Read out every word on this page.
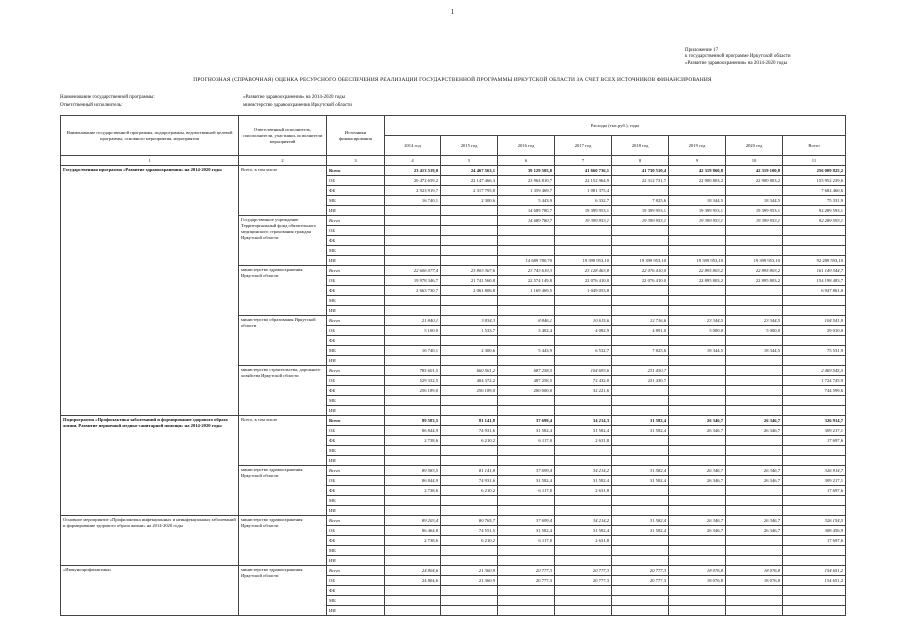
1
Приложение 17
к государственной программе Иркутской области
«Развитие здравоохранения» на 2014-2020 годы
ПРОГНОЗНАЯ (СПРАВОЧНАЯ) ОЦЕНКА РЕСУРСНОГО ОБЕСПЕЧЕНИЯ РЕАЛИЗАЦИИ ГОСУДАРСТВЕННОЙ ПРОГРАММЫ ИРКУТСКОЙ ОБЛАСТИ ЗА СЧЕТ ВСЕХ ИСТОЧНИКОВ ФИНАНСИРОВАНИЯ
Наименование государственной программы:	«Развитие здравоохранения» на 2014-2020 годы
Ответственный исполнитель:	министерство здравоохранения Иркутской области
Наименование государственной программы, подпрограммы, ведомственной целевой программы, основного мероприятия, мероприятия	Ответственный исполнитель, соисполнители, участники, исполнители мероприятий	Источники финансирования	Расходы (тыс.руб.), годы							
			2014 год	2015 год	2016 год	2017 год	2018 год	2019 год	2020 год	Всего
1	2	3	4	5	6	7	8	9	10	11
Государственная программа «Развитие здравоохранения» на 2014-2020 годы	Всего, в том числе	Всего	23 413 519,0	24 467 563,1	39 129 505,0	41 660 736,1	41 730 510,4	42 319 860,8	42 319 100,8	256 009 825,2
		ОБ	20 472 659,2	22 147 466,3	23 964 810,7	22 152 964,9	22 312 731,7	22 900 803,2	22 900 803,2	155 952 239,6
		ФБ	2 923 919,7	2 317 795,8	1 359 469,7	1 081 375,4				7 682 460,6
		МБ	16 740,1	2 300,6	5 443,9	6 332,7	7 825,6	18 344,5	18 344,5	75 331,9
		ИИ			14 689 780,7	19 399 953,1	19 399 953,1	19 399 953,1	19 399 953,1	92 289 593,1
	Государственное учреждение Территориальный фонд обязательного медицинского страхования граждан Иркутской области	Всего			14 689 780,7	19 399 953,1	19 399 953,1	19 399 953,1	19 399 953,1	92 289 593,1
		ОБ								
		ФБ								
		МБ								
		ИИ			14 689 780,70	19 399 953,10	19 399 953,10	19 399 953,10	19 399 953,10	92 289 593,10
	министерство здравоохранения Иркутской области	Всего	22 606 077,4	23 803 367,6	23 743 619,3	23 128 463,8	22 076 410,0	22 895 803,2	22 895 803,2	161 149 544,7
		ОБ	19 978 346,7	21 741 560,8	22 574 149,8	22 076 410,0	22 076 410,0	22 895 803,2	22 895 803,2	154 198 483,7
		ФБ	2 663 730,7	2 061 806,8	1 169 469,5	1 049 053,8				6 947 861,0
		МБ								
		ИИ								
	министерство образования Иркутской области	Всего	21 840,1	3 834,3	8 846,1	10 615,6	12 716,6	23 344,5	23 344,5	104 541,9
		ОБ	5 100,0	1 533,7	3 402,4	4 082,9	4 891,0	5 000,0	5 000,0	29 010,0
		ФБ								
		МБ	16 740,1	2 300,6	5 443,9	6 532,7	7 825,6	18 344,5	18 344,5	75 531,9
		ИИ								
	министерство строительства, дорожного хозяйства Иркутской области	Всего	785 601,5	660 561,2	687 258,5	104 693,6	231 430,7			2 469 545,5
		ОБ	529 332,5	404 372,2	487 258,5	72 432,0	231 430,7			1 724 745,9
		ФБ	256 189,0	256 189,0	200 000,0	32 221,6				744 599,6
		МБ								
		ИИ								
Подпрограмма «Профилактика заболеваний и формирование здорового образа жизни. Развитие первичной медико-санитарной помощи» на 2014-2020 годы	Всего, в том числе	Всего	89 583,5	81 141,8	37 699,4	34 214,3	31 582,4	26 346,7	26 346,7	326 914,7
		ОБ	86 844,9	74 931,6	31 582,4	31 582,4	31 582,4	26 346,7	26 346,7	309 217,1
		ФБ	2 738,6	6 210,2	6 117,0	2 631,8				17 697,6
		МБ								
		ИИ								
	министерство здравоохранения Иркутской области	Всего	89 583,5	81 141,8	37 699,4	34 214,2	31 582,4	26 346,7	26 346,7	326 914,7
		ОБ	86 844,9	74 931,6	31 582,4	31 582,4	31 582,4	26 346,7	26 346,7	309 217,1
		ФБ	2 738,6	6 210,2	6 117,0	2 631,8				17 697,6
		МБ								
		ИИ								
Основное мероприятие «Профилактика инфекционных и неинфекционных заболеваний и формирование здорового образа жизни» на 2014-2020 годы	министерство здравоохранения Иркутской области	Всего	89 203,4	80 765,7	37 699,4	34 214,2	31 582,4	26 346,7	26 346,7	326 154,5
		ОБ	86 464,8	74 551,5	31 582,4	31 582,4	31 582,4	26 346,7	26 346,7	308 456,9
		ФБ	2 738,6	6 210,2	6 117,0	2 631,8				17 697,6
		МБ								
		ИИ								
«Иммунопрофилактика»	министерство здравоохранения Иркутской области	Всего	24 804,6	21 360,9	20 777,3	20 777,3	20 777,3	18 076,8	18 076,8	154 651,2
		ОБ	24 804,6	21 360,9	20 777,3	20 777,3	20 777,3	18 076,8	18 076,8	154 651,2
		ФБ								
		МБ								
		ИИ								
